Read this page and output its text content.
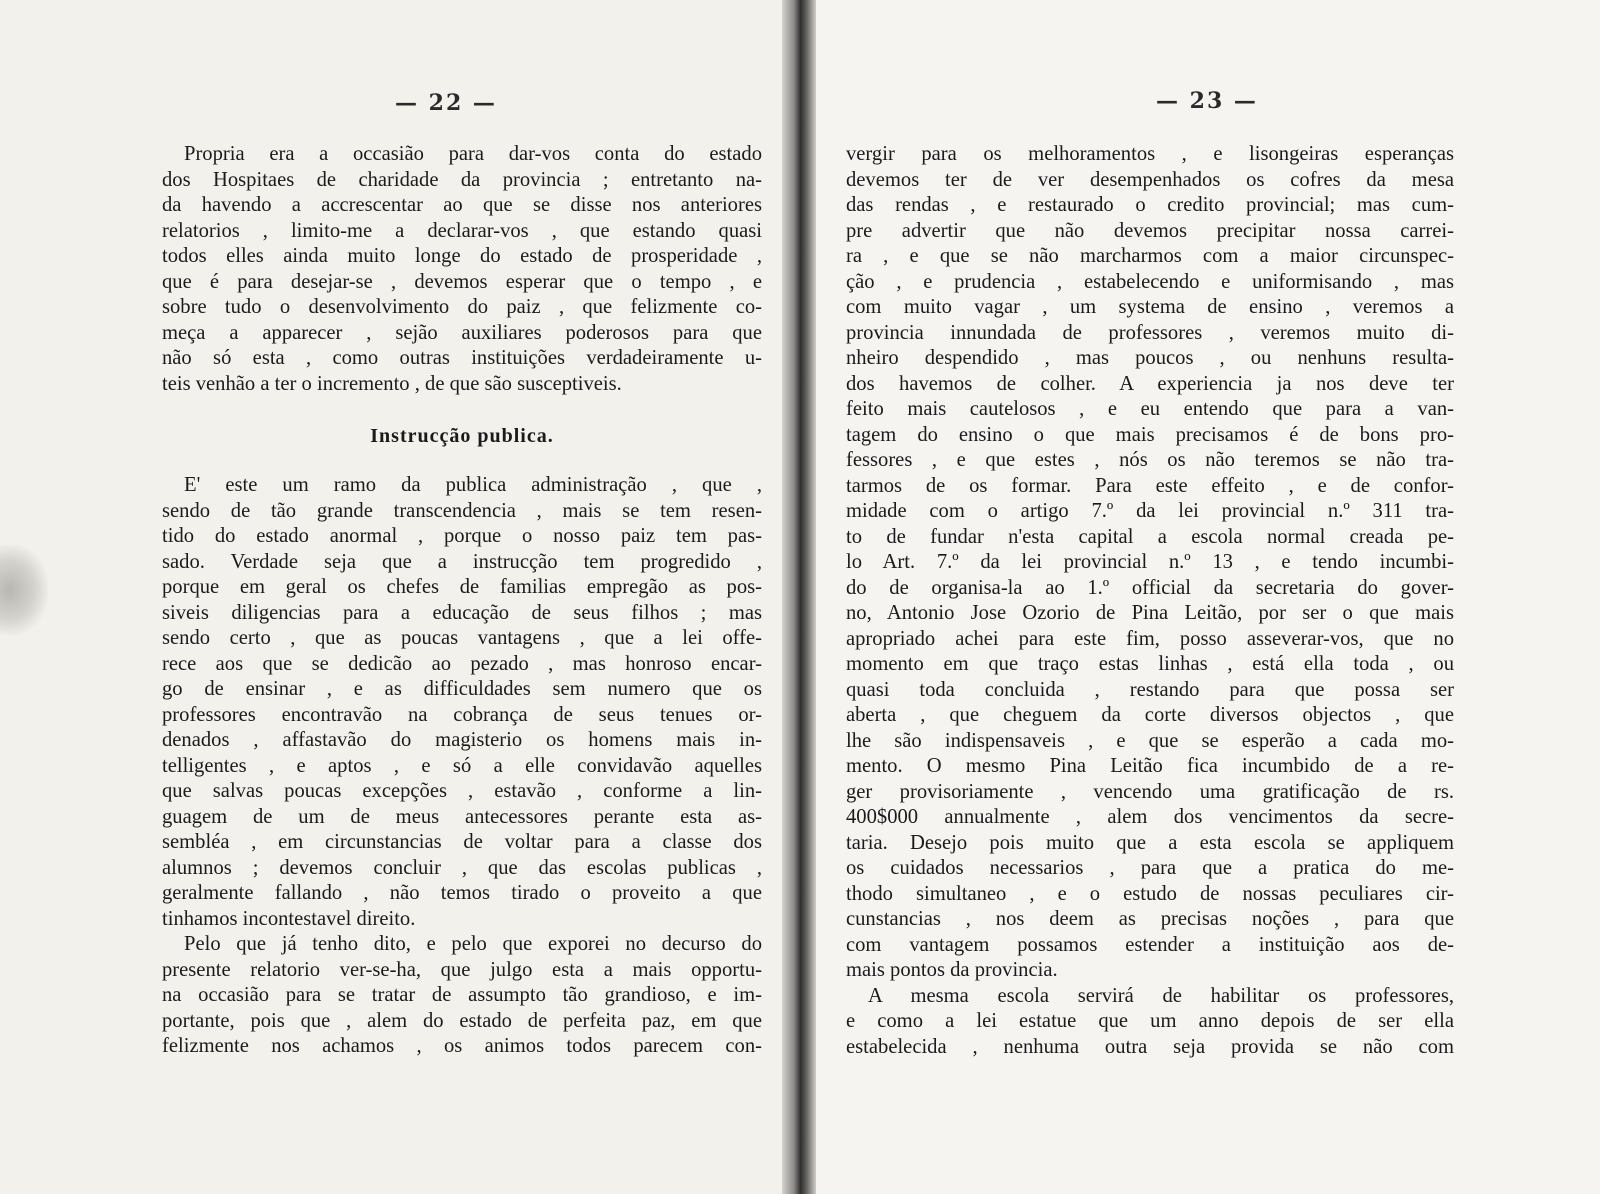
— 22 —
Propria era a occasião para dar-vos conta do estado
dos Hospitaes de charidade da provincia ; entretanto na-
da havendo a accrescentar ao que se disse nos anteriores
relatorios , limito-me a declarar-vos , que estando quasi
todos elles ainda muito longe do estado de prosperidade ,
que é para desejar-se , devemos esperar que o tempo , e
sobre tudo o desenvolvimento do paiz , que felizmente co-
meça a apparecer , sejão auxiliares poderosos para que
não só esta , como outras instituições verdadeiramente u-
teis venhão a ter o incremento , de que são susceptiveis.
Instrucção publica.
E' este um ramo da publica administração , que ,
sendo de tão grande transcendencia , mais se tem resen-
tido do estado anormal , porque o nosso paiz tem pas-
sado. Verdade seja que a instrucção tem progredido ,
porque em geral os chefes de familias empregão as pos-
siveis diligencias para a educação de seus filhos ; mas
sendo certo , que as poucas vantagens , que a lei offe-
rece aos que se dedicão ao pezado , mas honroso encar-
go de ensinar , e as difficuldades sem numero que os
professores encontravão na cobrança de seus tenues or-
denados , affastavão do magisterio os homens mais in-
telligentes , e aptos , e só a elle convidavão aquelles
que salvas poucas excepções , estavão , conforme a lin-
guagem de um de meus antecessores perante esta as-
sembléa , em circunstancias de voltar para a classe dos
alumnos ; devemos concluir , que das escolas publicas ,
geralmente fallando , não temos tirado o proveito a que
tinhamos incontestavel direito.
Pelo que já tenho dito, e pelo que exporei no decurso do
presente relatorio ver-se-ha, que julgo esta a mais opportu-
na occasião para se tratar de assumpto tão grandioso, e im-
portante, pois que , alem do estado de perfeita paz, em que
felizmente nos achamos , os animos todos parecem con-
— 23 —
vergir para os melhoramentos , e lisongeiras esperanças
devemos ter de ver desempenhados os cofres da mesa
das rendas , e restaurado o credito provincial; mas cum-
pre advertir que não devemos precipitar nossa carrei-
ra , e que se não marcharmos com a maior circunspec-
ção , e prudencia , estabelecendo e uniformisando , mas
com muito vagar , um systema de ensino , veremos a
provincia innundada de professores , veremos muito di-
nheiro despendido , mas poucos , ou nenhuns resulta-
dos havemos de colher. A experiencia ja nos deve ter
feito mais cautelosos , e eu entendo que para a van-
tagem do ensino o que mais precisamos é de bons pro-
fessores , e que estes , nós os não teremos se não tra-
tarmos de os formar. Para este effeito , e de confor-
midade com o artigo 7.º da lei provincial n.º 311 tra-
to de fundar n'esta capital a escola normal creada pe-
lo Art. 7.º da lei provincial n.º 13 , e tendo incumbi-
do de organisa-la ao 1.º official da secretaria do gover-
no, Antonio Jose Ozorio de Pina Leitão, por ser o que mais
apropriado achei para este fim, posso asseverar-vos, que no
momento em que traço estas linhas , está ella toda , ou
quasi toda concluida , restando para que possa ser
aberta , que cheguem da corte diversos objectos , que
lhe são indispensaveis , e que se esperão a cada mo-
mento. O mesmo Pina Leitão fica incumbido de a re-
ger provisoriamente , vencendo uma gratificação de rs.
400$000 annualmente , alem dos vencimentos da secre-
taria. Desejo pois muito que a esta escola se appliquem
os cuidados necessarios , para que a pratica do me-
thodo simultaneo , e o estudo de nossas peculiares cir-
cunstancias , nos deem as precisas noções , para que
com vantagem possamos estender a instituição aos de-
mais pontos da provincia.
A mesma escola servirá de habilitar os professores,
e como a lei estatue que um anno depois de ser ella
estabelecida , nenhuma outra seja provida se não com
